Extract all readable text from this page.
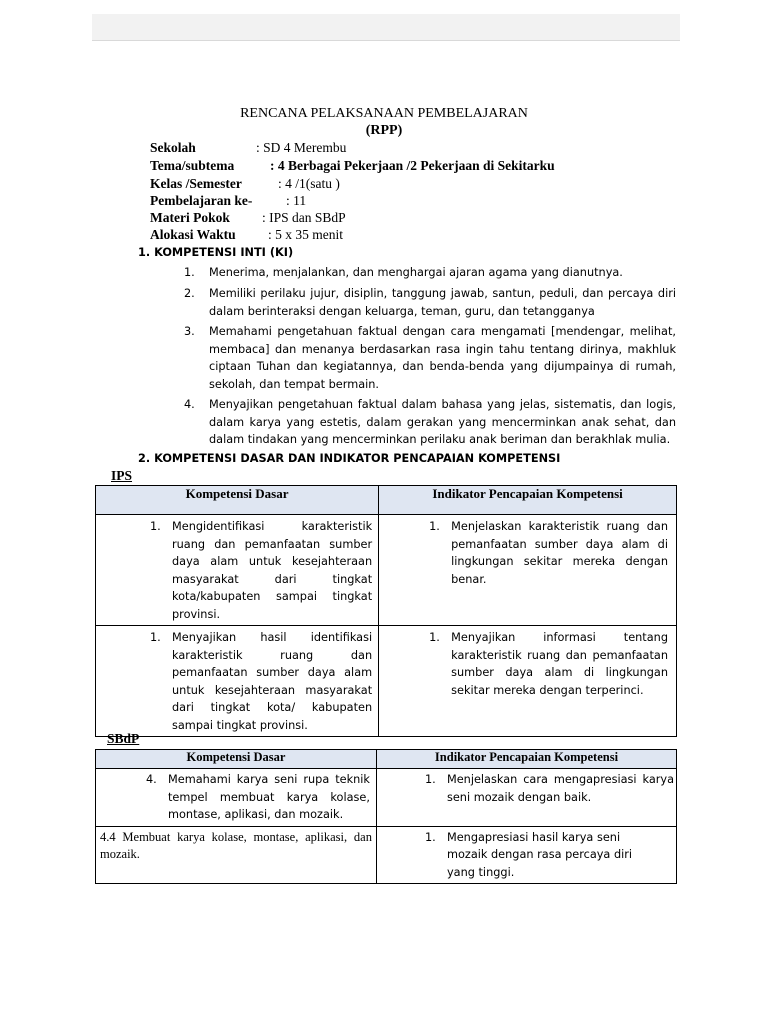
RENCANA PELAKSANAAN PEMBELAJARAN
(RPP)
Sekolah	: SD 4 Merembu
Tema/subtema	: 4 Berbagai Pekerjaan /2 Pekerjaan di Sekitarku
Kelas /Semester	: 4 /1(satu )
Pembelajaran ke- : 11
Materi Pokok : IPS dan SBdP
Alokasi Waktu : 5 x 35 menit
1. KOMPETENSI INTI (KI)
1. Menerima, menjalankan, dan menghargai ajaran agama yang dianutnya.
2. Memiliki perilaku jujur, disiplin, tanggung jawab, santun, peduli, dan percaya diri dalam berinteraksi dengan keluarga, teman, guru, dan tetangganya
3. Memahami pengetahuan faktual dengan cara mengamati [mendengar, melihat, membaca] dan menanya berdasarkan rasa ingin tahu tentang dirinya, makhluk ciptaan Tuhan dan kegiatannya, dan benda-benda yang dijumpainya di rumah, sekolah, dan tempat bermain.
4. Menyajikan pengetahuan faktual dalam bahasa yang jelas, sistematis, dan logis, dalam karya yang estetis, dalam gerakan yang mencerminkan anak sehat, dan dalam tindakan yang mencerminkan perilaku anak beriman dan berakhlak mulia.
2. KOMPETENSI DASAR DAN INDIKATOR PENCAPAIAN KOMPETENSI
IPS
Kompetensi Dasar	Indikator Pencapaian Kompetensi

1. Mengidentifikasi karakteristik ruang dan pemanfaatan sumber daya alam untuk kesejahteraan masyarakat dari tingkat kota/kabupaten sampai tingkat provinsi.	1. Menjelaskan karakteristik ruang dan pemanfaatan sumber daya alam di lingkungan sekitar mereka dengan benar.

1. Menyajikan hasil identifikasi karakteristik ruang dan pemanfaatan sumber daya alam untuk kesejahteraan masyarakat dari tingkat kota/ kabupaten sampai tingkat provinsi.	1. Menyajikan informasi tentang karakteristik ruang dan pemanfaatan sumber daya alam di lingkungan sekitar mereka dengan terperinci.
SBdP
Kompetensi Dasar	Indikator Pencapaian Kompetensi

4. Memahami karya seni rupa teknik tempel membuat karya kolase, montase, aplikasi, dan mozaik.	1. Menjelaskan cara mengapresiasi karya seni mozaik dengan baik.

4.4 Membuat karya kolase, montase, aplikasi, dan mozaik.	1. Mengapresiasi hasil karya seni mozaik dengan rasa percaya diri yang tinggi.
